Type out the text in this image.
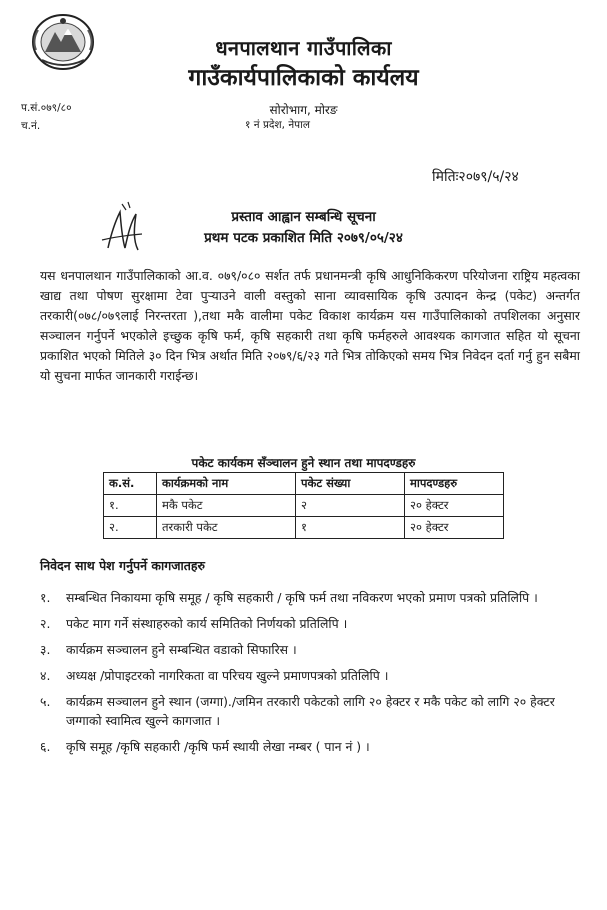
धनपालथान गाउँपालिका
गाउँकार्यपालिकाको कार्यलय
सोरोभाग, मोरङ
१ नं प्रदेश, नेपाल
प.सं.०७९/८०
च.नं.
मितिः२०७९/५/२४
प्रस्ताव आह्वान सम्बन्धि सूचना
प्रथम पटक प्रकाशित मिति २०७९/०५/२४
यस धनपालथान गाउँपालिकाको आ.व. ०७९/०८० सर्शत तर्फ प्रधानमन्त्री कृषि आधुनिकिकरण परियोजना राष्ट्रिय महत्वका खाद्य तथा पोषण सुरक्षामा टेवा पुर्‍याउने वाली वस्तुको साना व्यावसायिक कृषि उत्पादन केन्द्र (पकेट) अन्तर्गत तरकारी(०७८/०७९लाई निरन्तरता ),तथा मकै वालीमा पकेट विकाश कार्यक्रम यस गाउँपालिकाको तपशिलका अनुसार सञ्चालन गर्नुपर्ने भएकोले इच्छुक कृषि फर्म, कृषि सहकारी तथा कृषि फर्महरुले आवश्यक कागजात सहित यो सूचना प्रकाशित भएको मितिले ३० दिन भित्र अर्थात मिति २०७९/६/२३ गते भित्र तोकिएको समय भित्र निवेदन दर्ता गर्नु हुन सबैमा यो सुचना मार्फत जानकारी गराईन्छ।
पकेट कार्यकम सँञ्चालन हुने स्थान तथा मापदण्डहरु
क.सं.	कार्यक्रमको नाम	पकेट संख्या	मापदण्डहरु
१.	मकै पकेट	२	२० हेक्टर
२.	तरकारी पकेट	१	२० हेक्टर
निवेदन साथ पेश गर्नुपर्ने कागजातहरु
१.	सम्बन्धित निकायमा कृषि समूह / कृषि सहकारी / कृषि फर्म तथा नविकरण भएको प्रमाण पत्रको प्रतिलिपि ।
२.	पकेट माग गर्ने संस्थाहरुको कार्य समितिको निर्णयको प्रतिलिपि ।
३.	कार्यक्रम सञ्चालन हुने सम्बन्धित वडाको सिफारिस ।
४.	अध्यक्ष /प्रोपाइटरको नागरिकता वा परिचय खुल्ने प्रमाणपत्रको प्रतिलिपि ।
५.	कार्यक्रम सञ्चालन हुने स्थान (जग्गा)./जमिन तरकारी पकेटको लागि २० हेक्टर र मकै पकेट को लागि २० हेक्टर जग्गाको स्वामित्व खुल्ने कागजात ।
६.	कृषि समूह /कृषि सहकारी /कृषि फर्म स्थायी लेखा नम्बर ( पान नं ) ।
